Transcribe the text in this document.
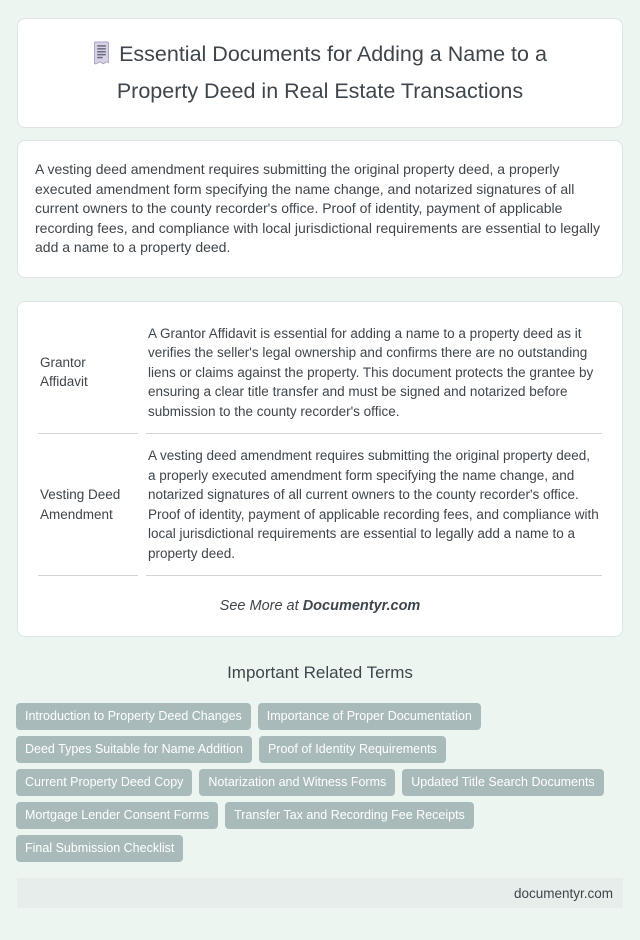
Essential Documents for Adding a Name to a Property Deed in Real Estate Transactions

A vesting deed amendment requires submitting the original property deed, a properly executed amendment form specifying the name change, and notarized signatures of all current owners to the county recorder's office. Proof of identity, payment of applicable recording fees, and compliance with local jurisdictional requirements are essential to legally add a name to a property deed.

Grantor Affidavit	A Grantor Affidavit is essential for adding a name to a property deed as it verifies the seller's legal ownership and confirms there are no outstanding liens or claims against the property. This document protects the grantee by ensuring a clear title transfer and must be signed and notarized before submission to the county recorder's office.
Vesting Deed Amendment	A vesting deed amendment requires submitting the original property deed, a properly executed amendment form specifying the name change, and notarized signatures of all current owners to the county recorder's office. Proof of identity, payment of applicable recording fees, and compliance with local jurisdictional requirements are essential to legally add a name to a property deed.
See More at Documentyr.com
Important Related Terms
Introduction to Property Deed Changes	Importance of Proper Documentation
Deed Types Suitable for Name Addition	Proof of Identity Requirements
Current Property Deed Copy	Notarization and Witness Forms	Updated Title Search Documents
Mortgage Lender Consent Forms	Transfer Tax and Recording Fee Receipts
Final Submission Checklist
documentyr.com
